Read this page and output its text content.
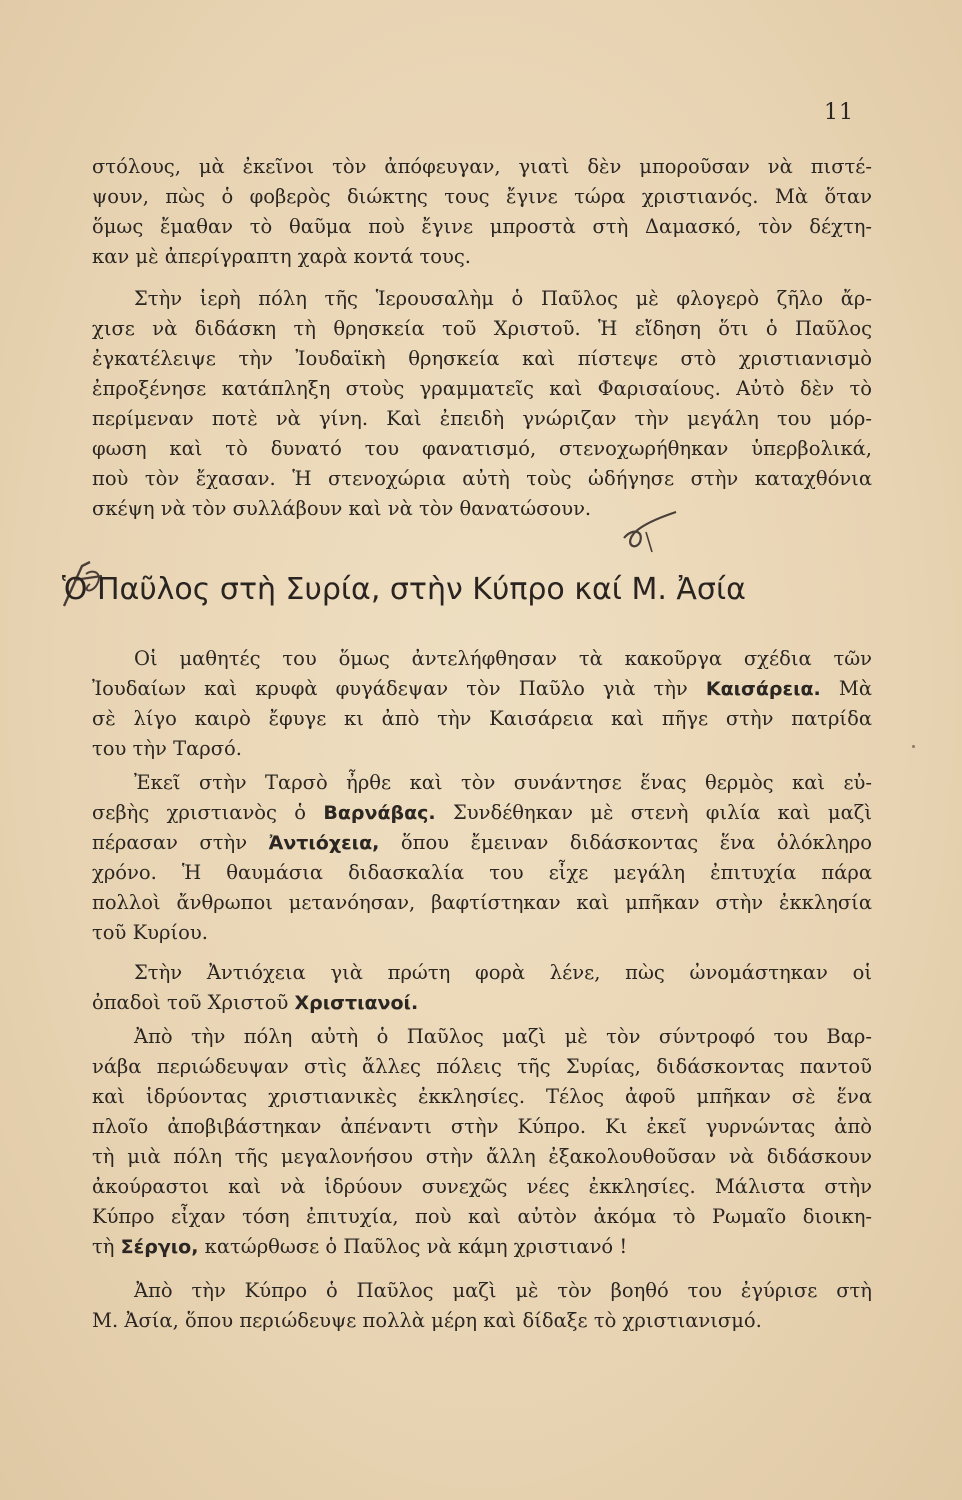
11
στόλους, μὰ ἐκεῖνοι τὸν ἀπόφευγαν, γιατὶ δὲν μποροῦσαν νὰ πιστέ-
ψουν, πὼς ὁ φοβερὸς διώκτης τους ἔγινε τώρα χριστιανός. Μὰ ὅταν
ὅμως ἔμαθαν τὸ θαῦμα ποὺ ἔγινε μπροστὰ στὴ Δαμασκό, τὸν δέχτη-
καν μὲ ἀπερίγραπτη χαρὰ κοντά τους.
Στὴν ἱερὴ πόλη τῆς Ἱερουσαλὴμ ὁ Παῦλος μὲ φλογερὸ ζῆλο ἄρ-
χισε νὰ διδάσκη τὴ θρησκεία τοῦ Χριστοῦ. Ἡ εἴδηση ὅτι ὁ Παῦλος
ἐγκατέλειψε τὴν Ἰουδαϊκὴ θρησκεία καὶ πίστεψε στὸ χριστιανισμὸ
ἐπροξένησε κατάπληξη στοὺς γραμματεῖς καὶ Φαρισαίους. Αὐτὸ δὲν τὸ
περίμεναν ποτὲ νὰ γίνη. Καὶ ἐπειδὴ γνώριζαν τὴν μεγάλη του μόρ-
φωση καὶ τὸ δυνατό του φανατισμό, στενοχωρήθηκαν ὑπερβολικά,
ποὺ τὸν ἔχασαν. Ἡ στενοχώρια αὐτὴ τοὺς ὡδήγησε στὴν καταχθόνια
σκέψη νὰ τὸν συλλάβουν καὶ νὰ τὸν θανατώσουν.
Ὁ Παῦλος στὴ Συρία, στὴν Κύπρο καί Μ. Ἀσία
Οἱ μαθητές του ὅμως ἀντελήφθησαν τὰ κακοῦργα σχέδια τῶν
Ἰουδαίων καὶ κρυφὰ φυγάδεψαν τὸν Παῦλο γιὰ τὴν Καισάρεια. Μὰ
σὲ λίγο καιρὸ ἔφυγε κι ἀπὸ τὴν Καισάρεια καὶ πῆγε στὴν πατρίδα
του τὴν Ταρσό.
Ἐκεῖ στὴν Ταρσὸ ἦρθε καὶ τὸν συνάντησε ἕνας θερμὸς καὶ εὐ-
σεβὴς χριστιανὸς ὁ Βαρνάβας. Συνδέθηκαν μὲ στενὴ φιλία καὶ μαζὶ
πέρασαν στὴν Ἀντιόχεια, ὅπου ἔμειναν διδάσκοντας ἕνα ὁλόκληρο
χρόνο. Ἡ θαυμάσια διδασκαλία του εἶχε μεγάλη ἐπιτυχία πάρα
πολλοὶ ἄνθρωποι μετανόησαν, βαφτίστηκαν καὶ μπῆκαν στὴν ἐκκλησία
τοῦ Κυρίου.
Στὴν Ἀντιόχεια γιὰ πρώτη φορὰ λένε, πὼς ὠνομάστηκαν οἱ
ὀπαδοὶ τοῦ Χριστοῦ Χριστιανοί.
Ἀπὸ τὴν πόλη αὐτὴ ὁ Παῦλος μαζὶ μὲ τὸν σύντροφό του Βαρ-
νάβα περιώδευψαν στὶς ἄλλες πόλεις τῆς Συρίας, διδάσκοντας παντοῦ
καὶ ἱδρύοντας χριστιανικὲς ἐκκλησίες. Τέλος ἀφοῦ μπῆκαν σὲ ἕνα
πλοῖο ἀποβιβάστηκαν ἀπέναντι στὴν Κύπρο. Κι ἐκεῖ γυρνώντας ἀπὸ
τὴ μιὰ πόλη τῆς μεγαλονήσου στὴν ἄλλη ἐξακολουθοῦσαν νὰ διδάσκουν
ἀκούραστοι καὶ νὰ ἱδρύουν συνεχῶς νέες ἐκκλησίες. Μάλιστα στὴν
Κύπρο εἶχαν τόση ἐπιτυχία, ποὺ καὶ αὐτὸν ἀκόμα τὸ Ρωμαῖο διοικη-
τὴ Σέργιο, κατώρθωσε ὁ Παῦλος νὰ κάμη χριστιανό !
Ἀπὸ τὴν Κύπρο ὁ Παῦλος μαζὶ μὲ τὸν βοηθό του ἐγύρισε στὴ
Μ. Ἀσία, ὅπου περιώδευψε πολλὰ μέρη καὶ δίδαξε τὸ χριστιανισμό.
